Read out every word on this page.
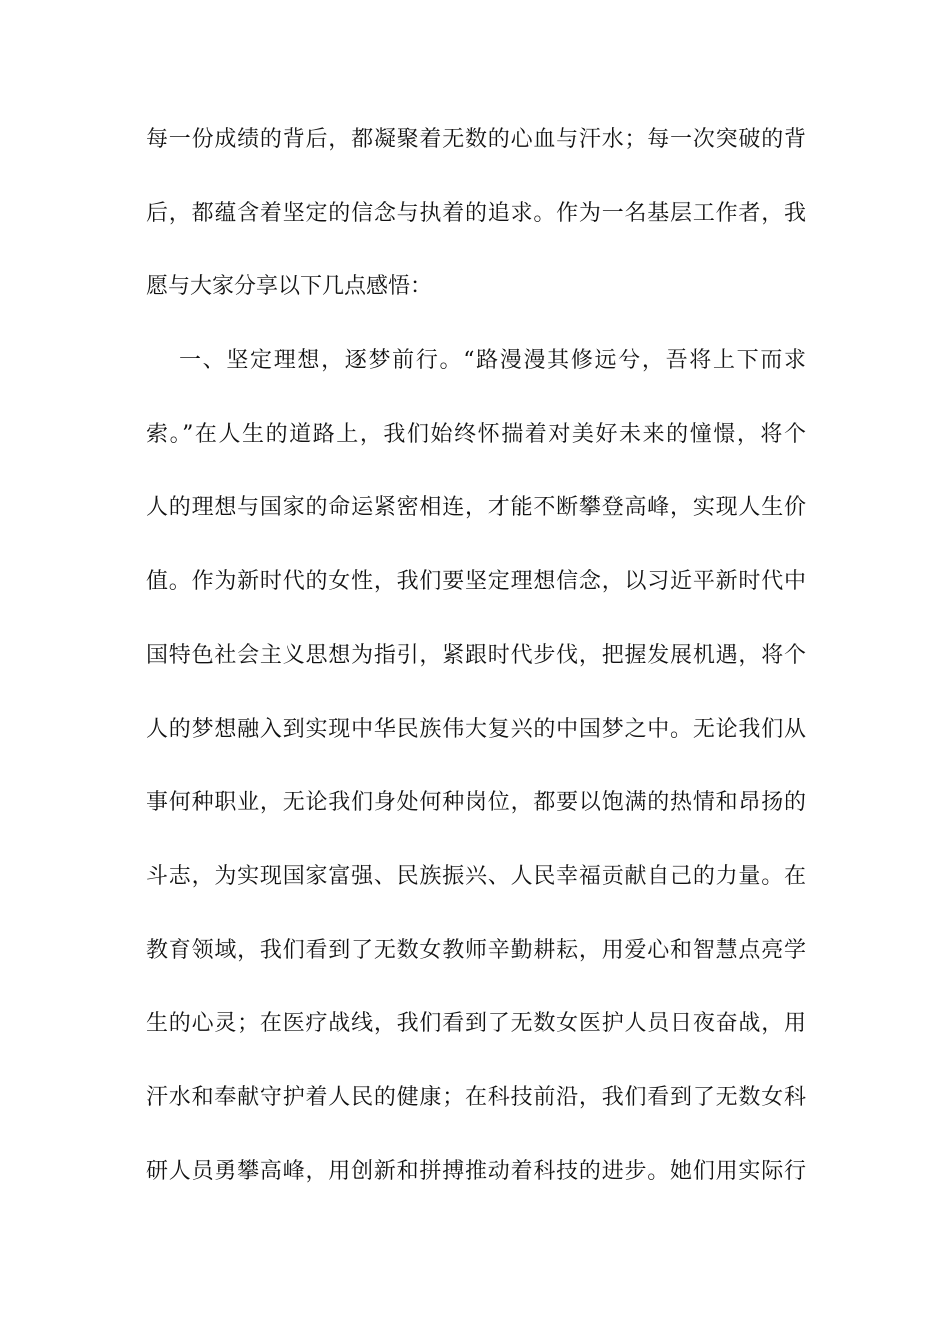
每一份成绩的背后，都凝聚着无数的心血与汗水；每一次突破的背
后，都蕴含着坚定的信念与执着的追求。作为一名基层工作者，我
愿与大家分享以下几点感悟：
一、坚定理想，逐梦前行。“路漫漫其修远兮，吾将上下而求
索。”在人生的道路上，我们始终怀揣着对美好未来的憧憬，将个
人的理想与国家的命运紧密相连，才能不断攀登高峰，实现人生价
值。作为新时代的女性，我们要坚定理想信念，以习近平新时代中
国特色社会主义思想为指引，紧跟时代步伐，把握发展机遇，将个
人的梦想融入到实现中华民族伟大复兴的中国梦之中。无论我们从
事何种职业，无论我们身处何种岗位，都要以饱满的热情和昂扬的
斗志，为实现国家富强、民族振兴、人民幸福贡献自己的力量。在
教育领域，我们看到了无数女教师辛勤耕耘，用爱心和智慧点亮学
生的心灵；在医疗战线，我们看到了无数女医护人员日夜奋战，用
汗水和奉献守护着人民的健康；在科技前沿，我们看到了无数女科
研人员勇攀高峰，用创新和拼搏推动着科技的进步。她们用实际行
